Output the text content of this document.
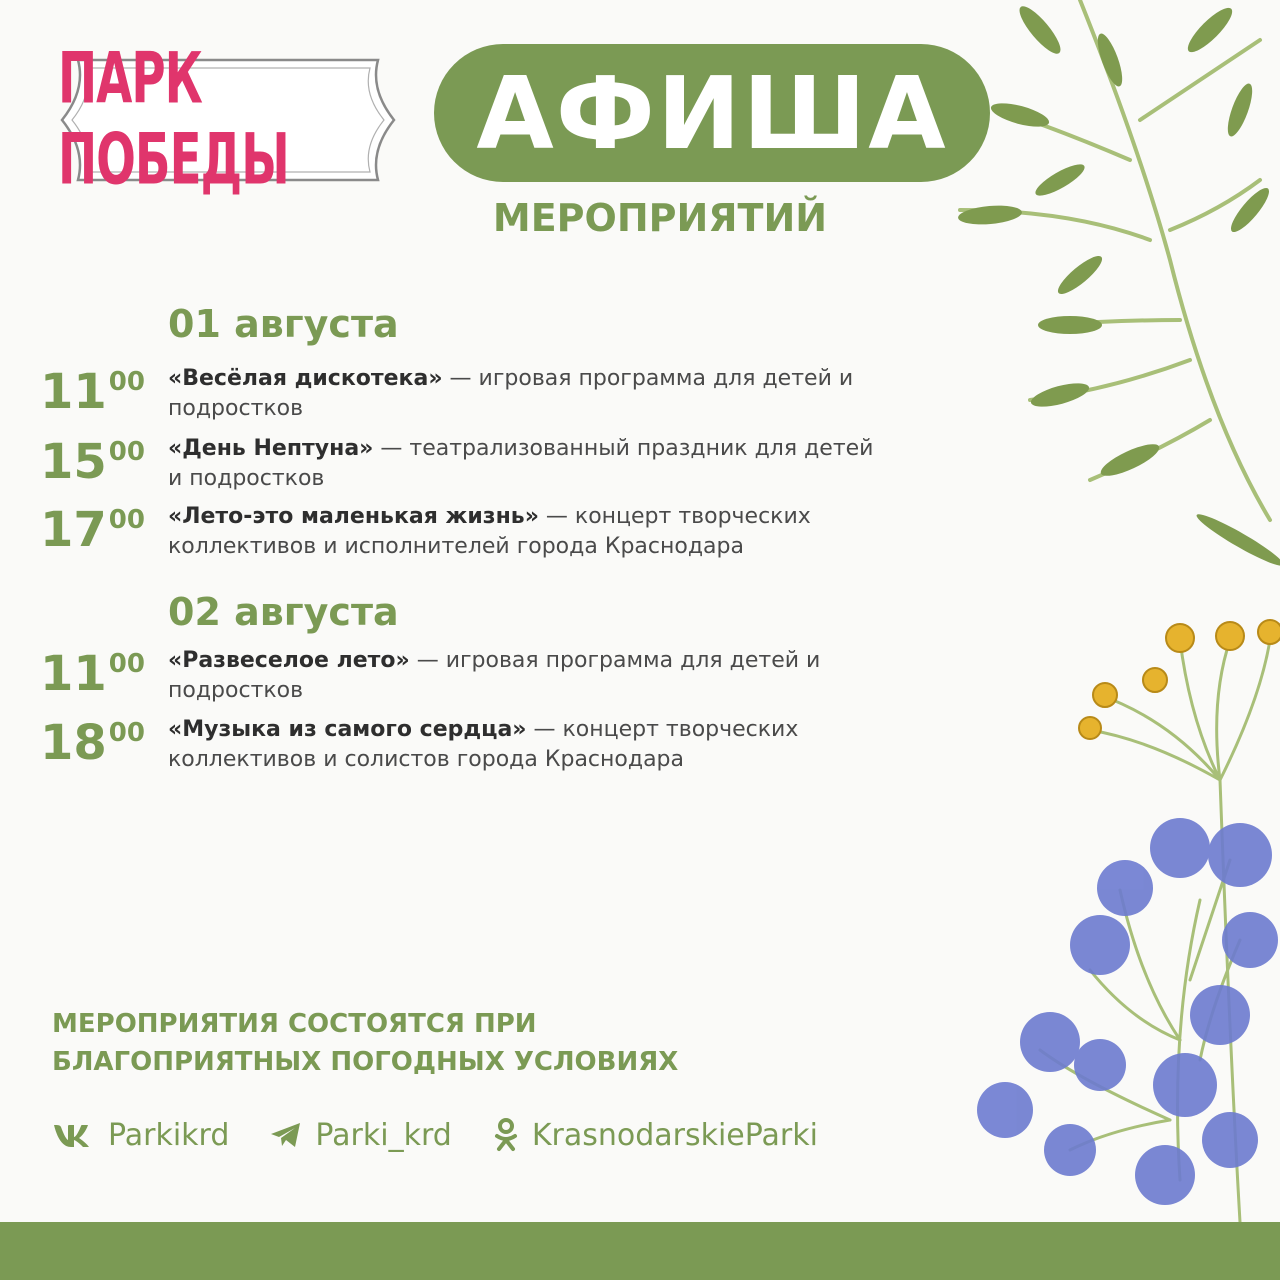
ПАРК ПОБЕДЫ	АФИША
МЕРОПРИЯТИЙ
01 августа
1100	«Весёлая дискотека» — игровая программа для детей и подростков
1500	«День Нептуна» — театрализованный праздник для детей и подростков
1700	«Лето-это маленькая жизнь» — концерт творческих коллективов и исполнителей города Краснодара
02 августа
1100	«Развеселое лето» — игровая программа для детей и подростков
1800	«Музыка из самого сердца» — концерт творческих коллективов и солистов города Краснодара
МЕРОПРИЯТИЯ СОСТОЯТСЯ ПРИ
БЛАГОПРИЯТНЫХ ПОГОДНЫХ УСЛОВИЯХ
Parkikrd	Parki_krd	KrasnodarskieParki
